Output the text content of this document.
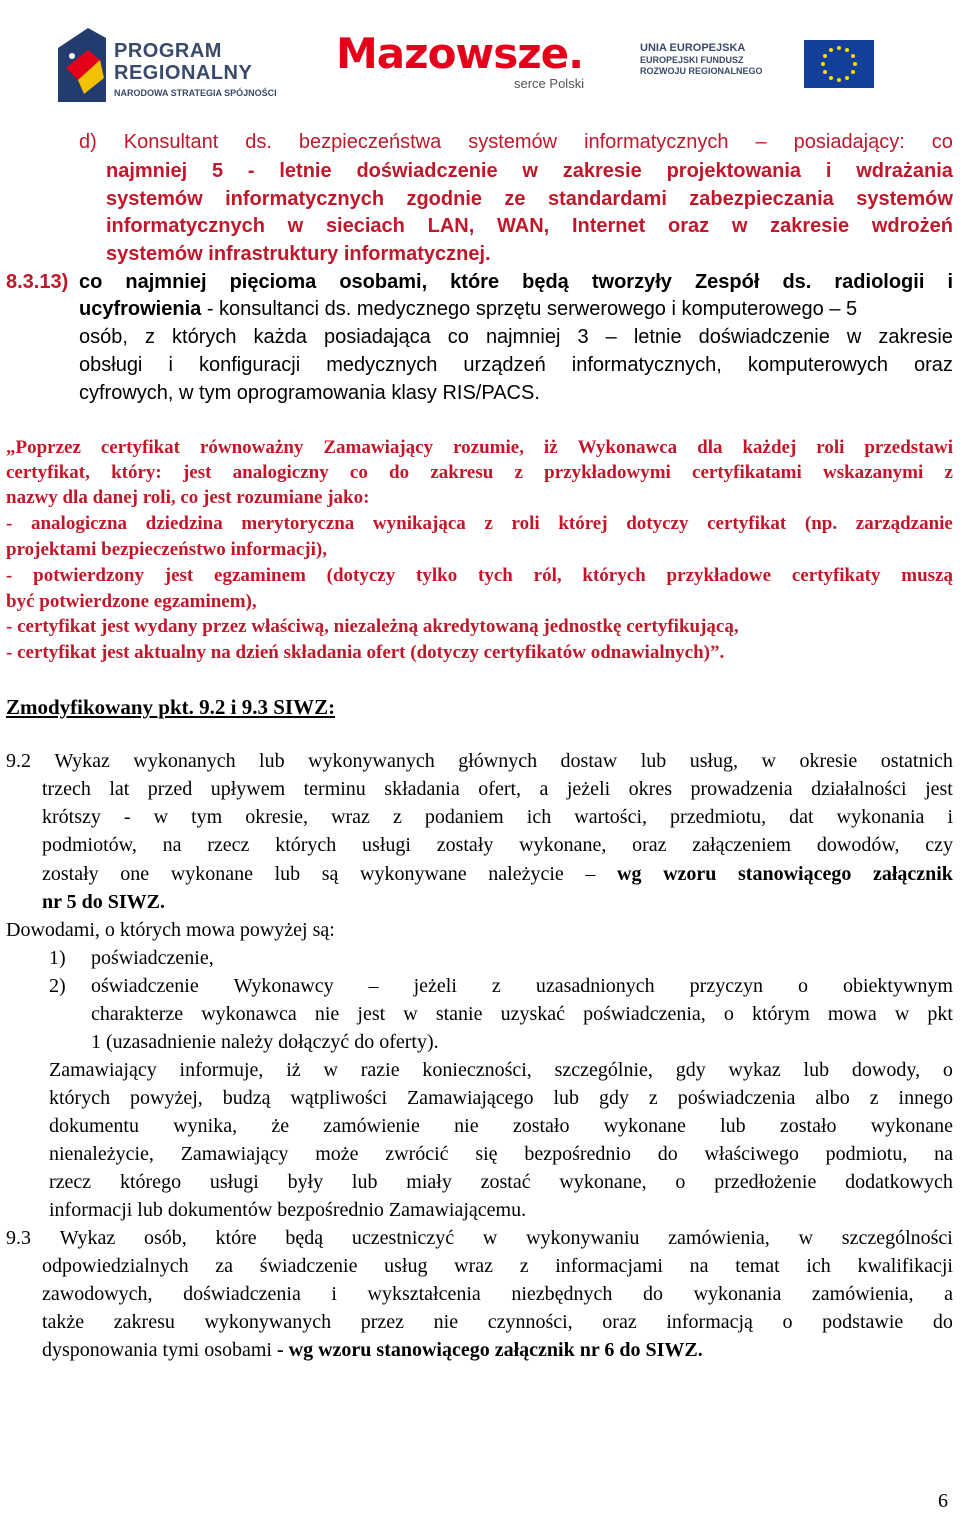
PROGRAM
REGIONALNY
NARODOWA STRATEGIA SPÓJNOŚCI
Mazowsze.
serce Polski
UNIA EUROPEJSKA
EUROPEJSKI FUNDUSZ
ROZWOJU REGIONALNEGO
d) Konsultant ds. bezpieczeństwa systemów informatycznych – posiadający: co
najmniej 5 - letnie doświadczenie w zakresie projektowania i wdrażania
systemów informatycznych zgodnie ze standardami zabezpieczania systemów
informatycznych w sieciach LAN, WAN, Internet oraz w zakresie wdrożeń
systemów infrastruktury informatycznej.
8.3.13) co najmniej pięcioma osobami, które będą tworzyły Zespół ds. radiologii i
ucyfrowienia - konsultanci ds. medycznego sprzętu serwerowego i komputerowego – 5
osób, z których każda posiadająca co najmniej 3 – letnie doświadczenie w zakresie
obsługi i konfiguracji medycznych urządzeń informatycznych, komputerowych oraz
cyfrowych, w tym oprogramowania klasy RIS/PACS.
„Poprzez certyfikat równoważny Zamawiający rozumie, iż Wykonawca dla każdej roli przedstawi
certyfikat, który: jest analogiczny co do zakresu z przykładowymi certyfikatami wskazanymi z
nazwy dla danej roli, co jest rozumiane jako:
- analogiczna dziedzina merytoryczna wynikająca z roli której dotyczy certyfikat (np. zarządzanie
projektami bezpieczeństwo informacji),
- potwierdzony jest egzaminem (dotyczy tylko tych ról, których przykładowe certyfikaty muszą
być potwierdzone egzaminem),
- certyfikat jest wydany przez właściwą, niezależną akredytowaną jednostkę certyfikującą,
- certyfikat jest aktualny na dzień składania ofert (dotyczy certyfikatów odnawialnych)”.
Zmodyfikowany pkt. 9.2 i 9.3 SIWZ:
9.2 Wykaz wykonanych lub wykonywanych głównych dostaw lub usług, w okresie ostatnich
trzech lat przed upływem terminu składania ofert, a jeżeli okres prowadzenia działalności jest
krótszy - w tym okresie, wraz z podaniem ich wartości, przedmiotu, dat wykonania i
podmiotów, na rzecz których usługi zostały wykonane, oraz załączeniem dowodów, czy
zostały one wykonane lub są wykonywane należycie – wg wzoru stanowiącego załącznik
nr 5 do SIWZ.
Dowodami, o których mowa powyżej są:
1) poświadczenie,
2) oświadczenie Wykonawcy – jeżeli z uzasadnionych przyczyn o obiektywnym
charakterze wykonawca nie jest w stanie uzyskać poświadczenia, o którym mowa w pkt
1 (uzasadnienie należy dołączyć do oferty).
Zamawiający informuje, iż w razie konieczności, szczególnie, gdy wykaz lub dowody, o
których powyżej, budzą wątpliwości Zamawiającego lub gdy z poświadczenia albo z innego
dokumentu wynika, że zamówienie nie zostało wykonane lub zostało wykonane
nienależycie, Zamawiający może zwrócić się bezpośrednio do właściwego podmiotu, na
rzecz którego usługi były lub miały zostać wykonane, o przedłożenie dodatkowych
informacji lub dokumentów bezpośrednio Zamawiającemu.
9.3 Wykaz osób, które będą uczestniczyć w wykonywaniu zamówienia, w szczególności
odpowiedzialnych za świadczenie usług wraz z informacjami na temat ich kwalifikacji
zawodowych, doświadczenia i wykształcenia niezbędnych do wykonania zamówienia, a
także zakresu wykonywanych przez nie czynności, oraz informacją o podstawie do
dysponowania tymi osobami - wg wzoru stanowiącego załącznik nr 6 do SIWZ.
6
